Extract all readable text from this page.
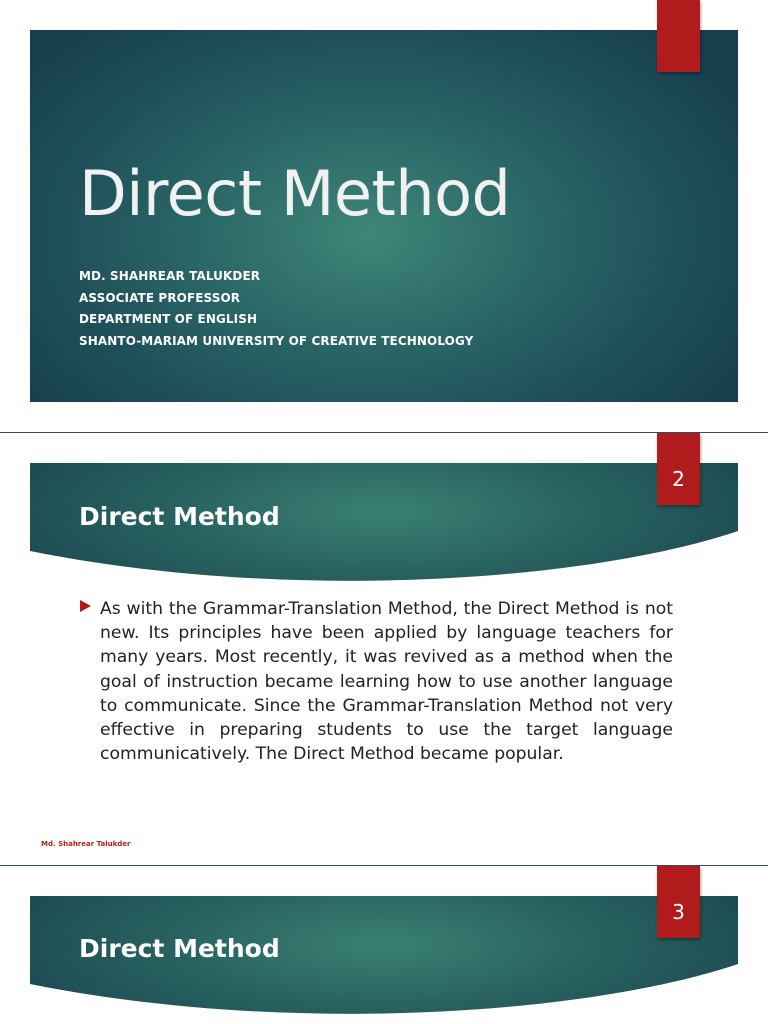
Direct Method
MD. SHAHREAR TALUKDER
ASSOCIATE PROFESSOR
DEPARTMENT OF ENGLISH
SHANTO-MARIAM UNIVERSITY OF CREATIVE TECHNOLOGY
2
Direct Method

As with the Grammar-Translation Method, the Direct Method is not new. Its principles have been applied by language teachers for many years. Most recently, it was revived as a method when the goal of instruction became learning how to use another language to communicate. Since the Grammar-Translation Method not very effective in preparing students to use the target language communicatively. The Direct Method became popular.

Md. Shahrear Talukder
3
Direct Method
